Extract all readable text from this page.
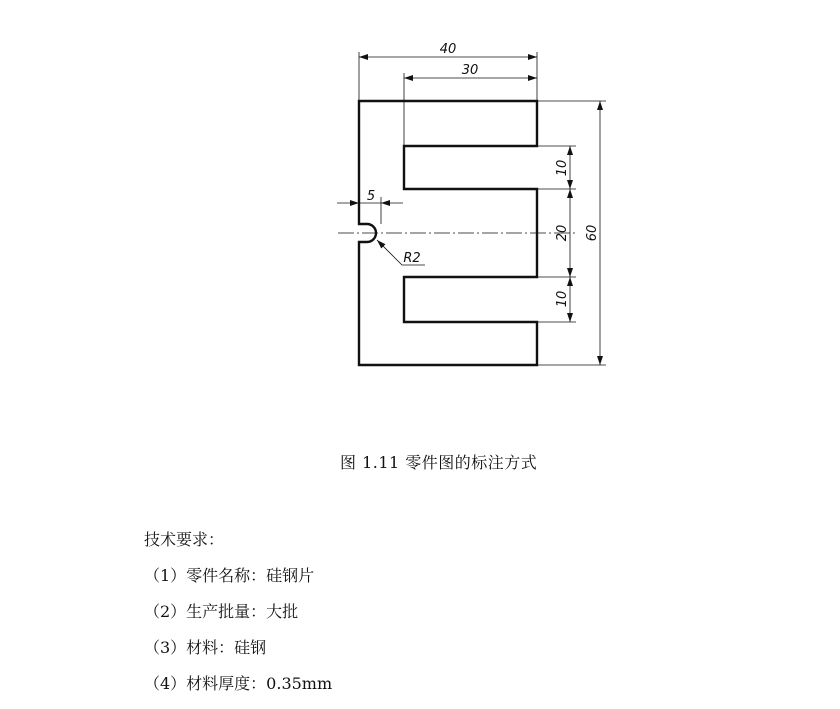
40
30
10
20
10
60
5
R2
图 1.11 零件图的标注方式
技术要求：
（1）零件名称：硅钢片
（2）生产批量：大批
（3）材料：硅钢
（4）材料厚度：0.35mm
